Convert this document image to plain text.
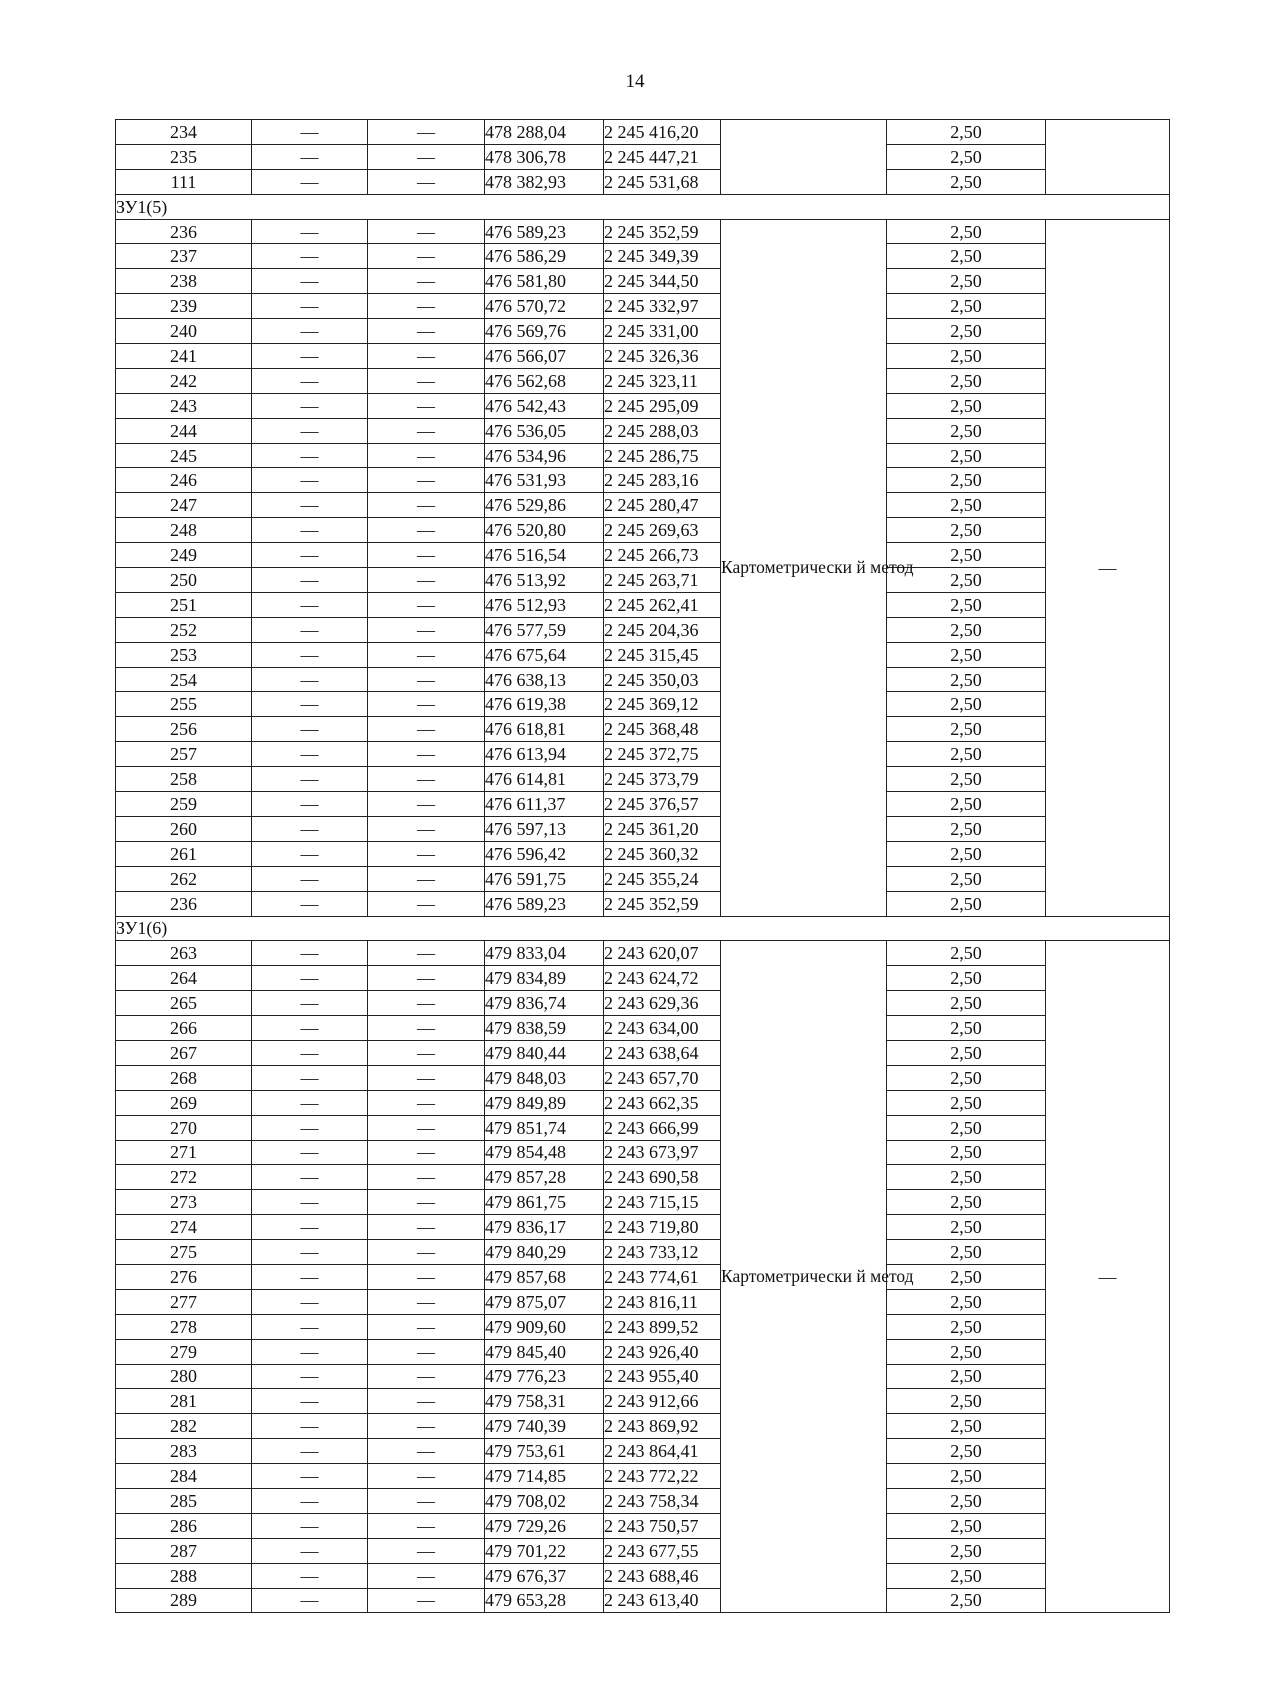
14
234	—	—	478 288,04	2 245 416,20		2,50	
235	—	—	478 306,78	2 245 447,21		2,50	
111	—	—	478 382,93	2 245 531,68		2,50	
ЗУ1(5)							
236	—	—	476 589,23	2 245 352,59	Картометрически й метод	2,50	—
237	—	—	476 586,29	2 245 349,39		2,50	
238	—	—	476 581,80	2 245 344,50		2,50	
239	—	—	476 570,72	2 245 332,97		2,50	
240	—	—	476 569,76	2 245 331,00		2,50	
241	—	—	476 566,07	2 245 326,36		2,50	
242	—	—	476 562,68	2 245 323,11		2,50	
243	—	—	476 542,43	2 245 295,09		2,50	
244	—	—	476 536,05	2 245 288,03		2,50	
245	—	—	476 534,96	2 245 286,75		2,50	
246	—	—	476 531,93	2 245 283,16		2,50	
247	—	—	476 529,86	2 245 280,47		2,50	
248	—	—	476 520,80	2 245 269,63		2,50	
249	—	—	476 516,54	2 245 266,73		2,50	
250	—	—	476 513,92	2 245 263,71		2,50	
251	—	—	476 512,93	2 245 262,41		2,50	
252	—	—	476 577,59	2 245 204,36		2,50	
253	—	—	476 675,64	2 245 315,45		2,50	
254	—	—	476 638,13	2 245 350,03		2,50	
255	—	—	476 619,38	2 245 369,12		2,50	
256	—	—	476 618,81	2 245 368,48		2,50	
257	—	—	476 613,94	2 245 372,75		2,50	
258	—	—	476 614,81	2 245 373,79		2,50	
259	—	—	476 611,37	2 245 376,57		2,50	
260	—	—	476 597,13	2 245 361,20		2,50	
261	—	—	476 596,42	2 245 360,32		2,50	
262	—	—	476 591,75	2 245 355,24		2,50	
236	—	—	476 589,23	2 245 352,59		2,50	
ЗУ1(6)							
263	—	—	479 833,04	2 243 620,07	Картометрически й метод	2,50	—
264	—	—	479 834,89	2 243 624,72		2,50	
265	—	—	479 836,74	2 243 629,36		2,50	
266	—	—	479 838,59	2 243 634,00		2,50	
267	—	—	479 840,44	2 243 638,64		2,50	
268	—	—	479 848,03	2 243 657,70		2,50	
269	—	—	479 849,89	2 243 662,35		2,50	
270	—	—	479 851,74	2 243 666,99		2,50	
271	—	—	479 854,48	2 243 673,97		2,50	
272	—	—	479 857,28	2 243 690,58		2,50	
273	—	—	479 861,75	2 243 715,15		2,50	
274	—	—	479 836,17	2 243 719,80		2,50	
275	—	—	479 840,29	2 243 733,12		2,50	
276	—	—	479 857,68	2 243 774,61		2,50	
277	—	—	479 875,07	2 243 816,11		2,50	
278	—	—	479 909,60	2 243 899,52		2,50	
279	—	—	479 845,40	2 243 926,40		2,50	
280	—	—	479 776,23	2 243 955,40		2,50	
281	—	—	479 758,31	2 243 912,66		2,50	
282	—	—	479 740,39	2 243 869,92		2,50	
283	—	—	479 753,61	2 243 864,41		2,50	
284	—	—	479 714,85	2 243 772,22		2,50	
285	—	—	479 708,02	2 243 758,34		2,50	
286	—	—	479 729,26	2 243 750,57		2,50	
287	—	—	479 701,22	2 243 677,55		2,50	
288	—	—	479 676,37	2 243 688,46		2,50	
289	—	—	479 653,28	2 243 613,40		2,50	
